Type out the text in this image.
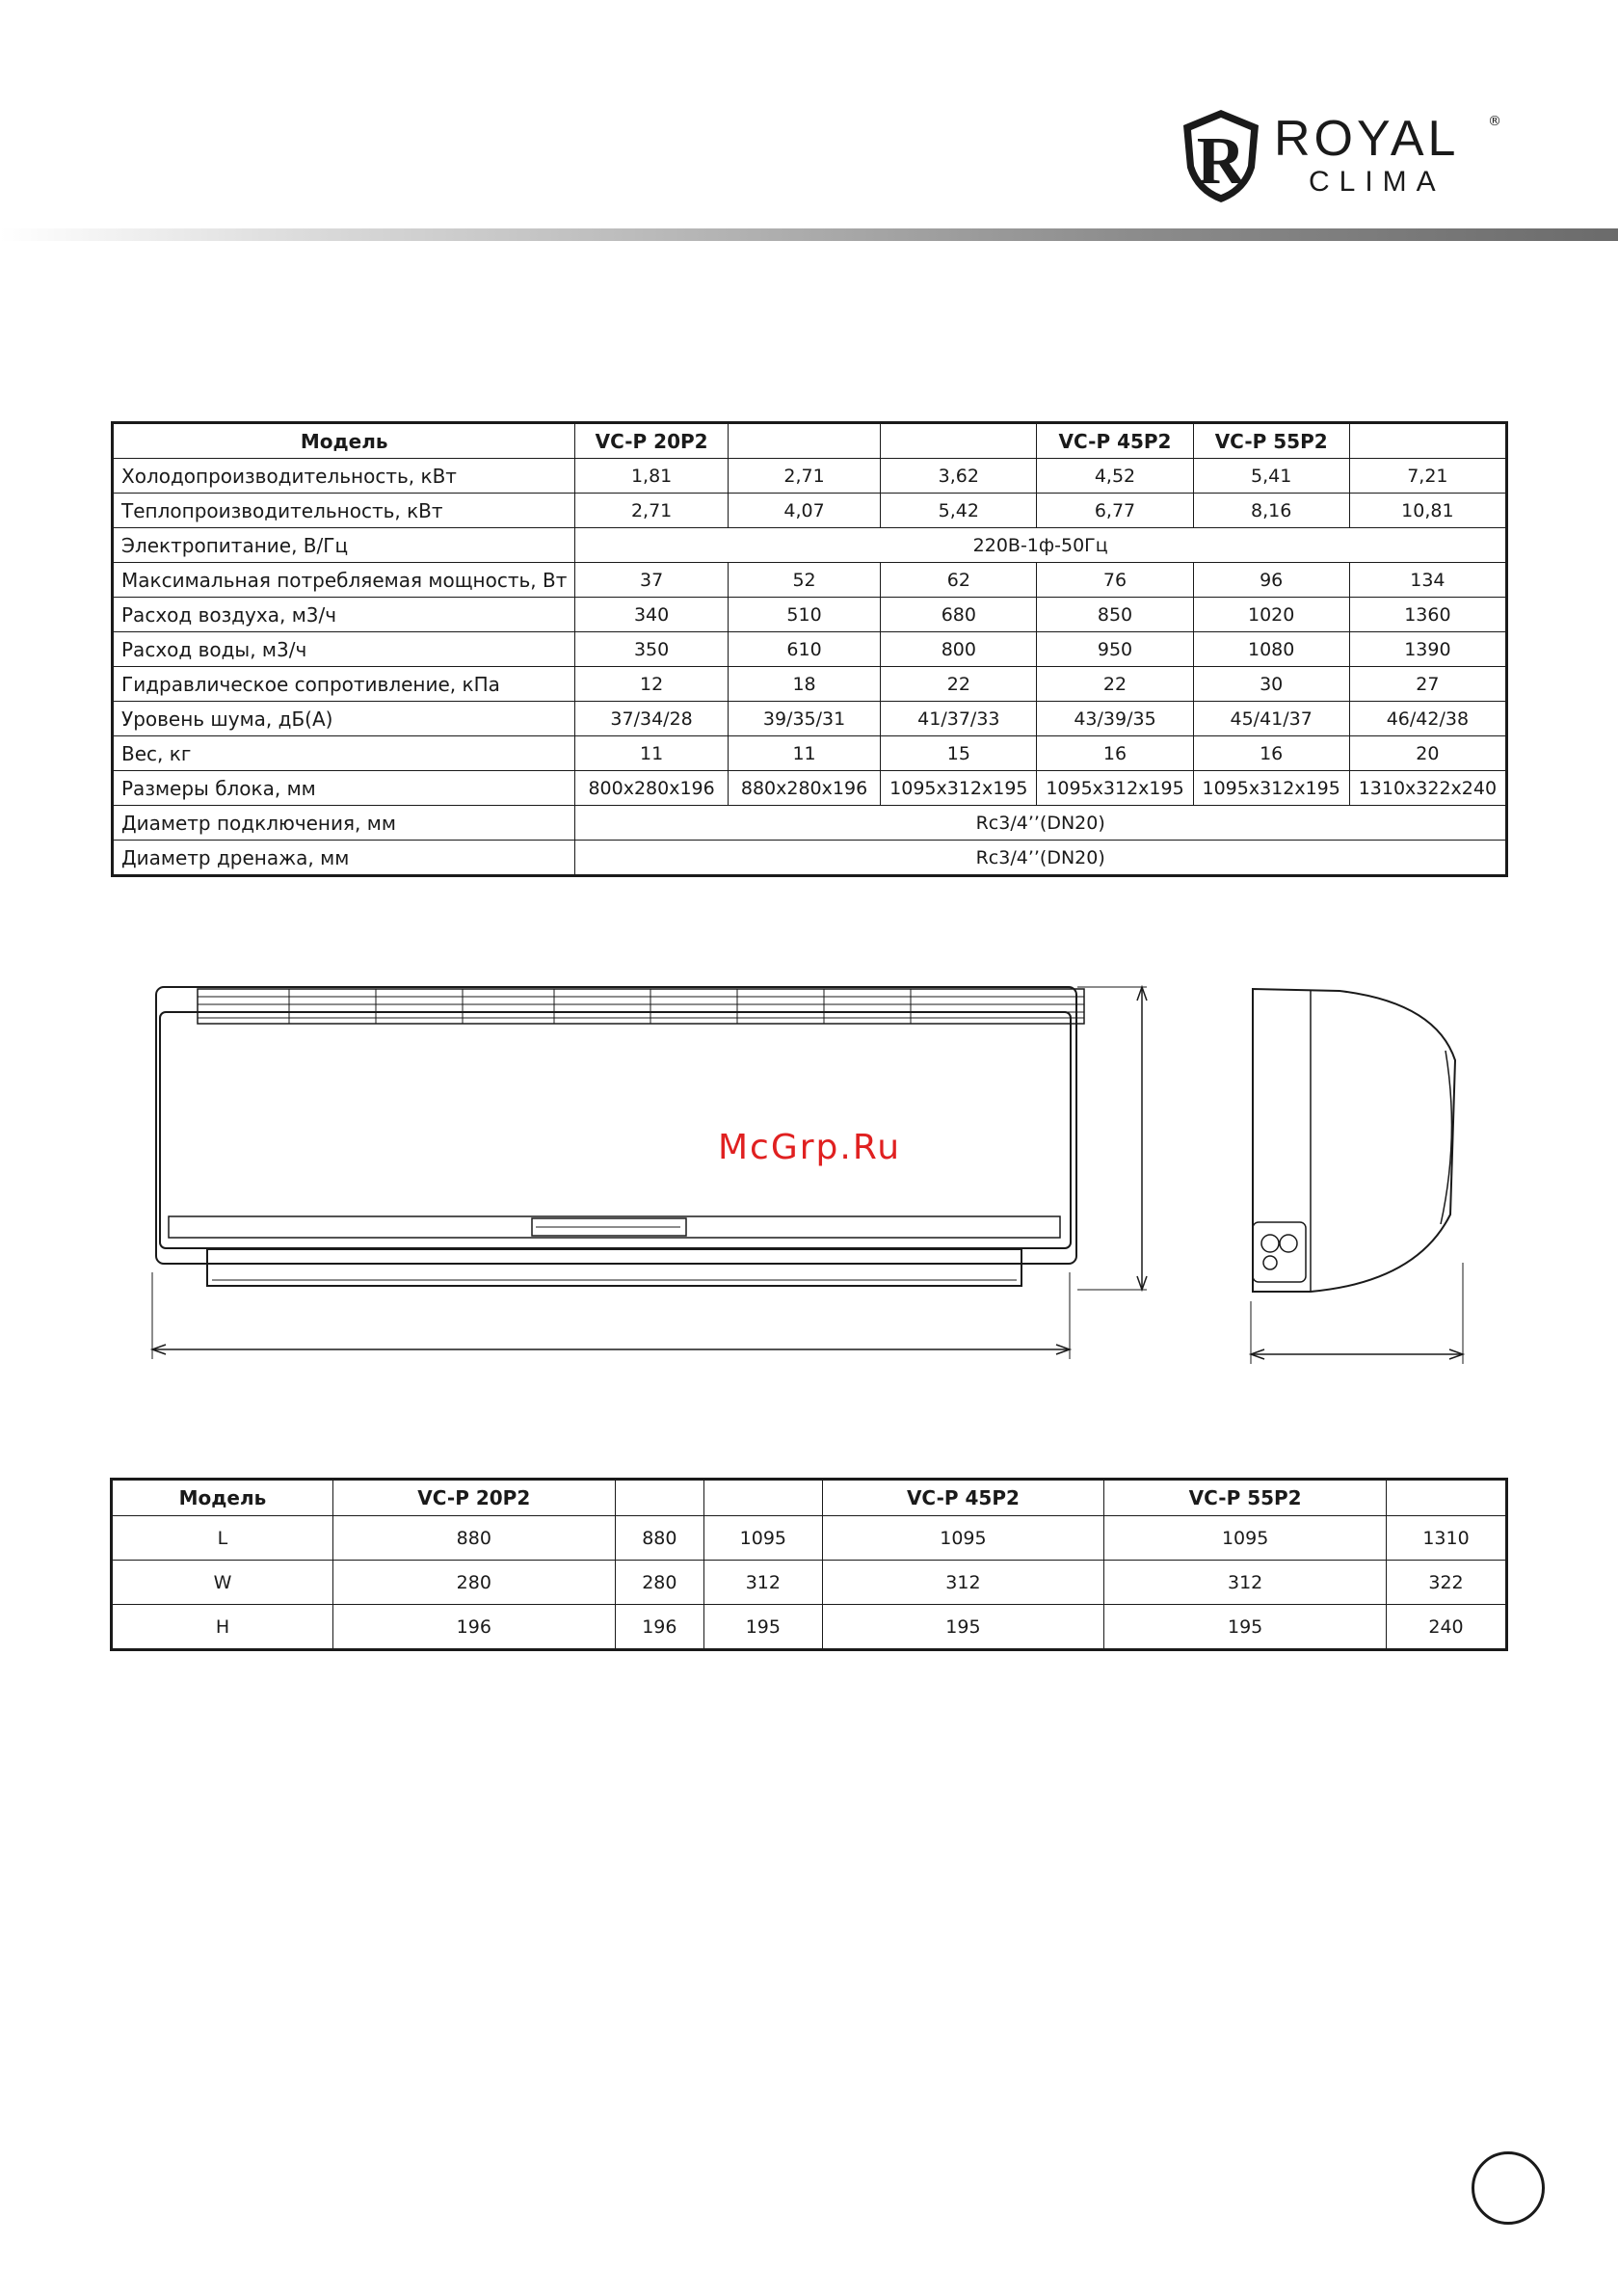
R ROYAL ®
CLIMA
Модель	VC-P 20P2			VC-P 45P2	VC-P 55P2	
Холодопроизводительность, кВт	1,81	2,71	3,62	4,52	5,41	7,21
Теплопроизводительность, кВт	2,71	4,07	5,42	6,77	8,16	10,81
Электропитание, В/Гц	220В-1ф-50Гц					
Максимальная потребляемая мощность, Вт	37	52	62	76	96	134
Расход воздуха, м3/ч	340	510	680	850	1020	1360
Расход воды, м3/ч	350	610	800	950	1080	1390
Гидравлическое сопротивление, кПа	12	18	22	22	30	27
Уровень шума, дБ(А)	37/34/28	39/35/31	41/37/33	43/39/35	45/41/37	46/42/38
Вес, кг	11	11	15	16	16	20
Размеры блока, мм	800x280x196	880x280x196	1095x312x195	1095x312x195	1095x312x195	1310x322x240
Диаметр подключения, мм	Rc3/4’’(DN20)					
Диаметр дренажа, мм	Rc3/4’’(DN20)					
McGrp.Ru
Модель	VC-P 20P2			VC-P 45P2	VC-P 55P2	
L	880	880	1095	1095	1095	1310
W	280	280	312	312	312	322
H	196	196	195	195	195	240
